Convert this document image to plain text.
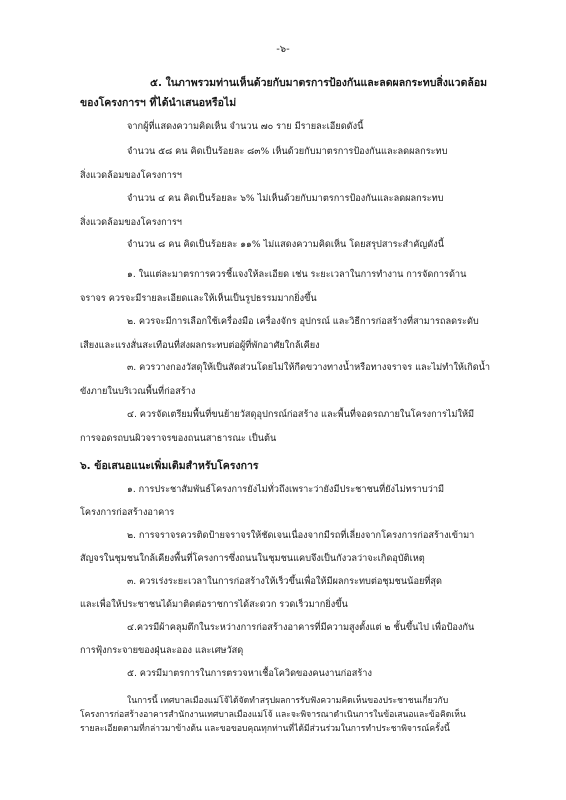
-๖-
๕. ในภาพรวมท่านเห็นด้วยกับมาตรการป้องกันและลดผลกระทบสิ่งแวดล้อม
ของโครงการฯ ที่ได้นำเสนอหรือไม่
จากผู้ที่แสดงความคิดเห็น จำนวน ๗๐ ราย มีรายละเอียดดังนี้
จำนวน ๕๘ คน คิดเป็นร้อยละ ๘๓% เห็นด้วยกับมาตรการป้องกันและลดผลกระทบ
สิ่งแวดล้อมของโครงการฯ
จำนวน ๔ คน คิดเป็นร้อยละ ๖% ไม่เห็นด้วยกับมาตรการป้องกันและลดผลกระทบ
สิ่งแวดล้อมของโครงการฯ
จำนวน ๘ คน คิดเป็นร้อยละ ๑๑% ไม่แสดงความคิดเห็น โดยสรุปสาระสำคัญดังนี้
๑. ในแต่ละมาตรการควรชี้แจงให้ละเอียด เช่น ระยะเวลาในการทำงาน การจัดการด้าน
จราจร ควรจะมีรายละเอียดและให้เห็นเป็นรูปธรรมมากยิ่งขึ้น
๒. ควรจะมีการเลือกใช้เครื่องมือ เครื่องจักร อุปกรณ์ และวิธีการก่อสร้างที่สามารถลดระดับ
เสียงและแรงสั่นสะเทือนที่ส่งผลกระทบต่อผู้ที่พักอาศัยใกล้เคียง
๓. ควรวางกองวัสดุให้เป็นสัดส่วนโดยไม่ให้กีดขวางทางน้ำหรือทางจราจร และไม่ทำให้เกิดน้ำ
ขังภายในบริเวณพื้นที่ก่อสร้าง
๔. ควรจัดเตรียมพื้นที่ขนย้ายวัสดุอุปกรณ์ก่อสร้าง และพื้นที่จอดรถภายในโครงการไม่ให้มี
การจอดรถบนผิวจราจรของถนนสาธารณะ เป็นต้น
๖. ข้อเสนอแนะเพิ่มเติมสำหรับโครงการ
๑. การประชาสัมพันธ์โครงการยังไม่ทั่วถึงเพราะว่ายังมีประชาชนที่ยังไม่ทราบว่ามี
โครงการก่อสร้างอาคาร
๒. การจราจรควรติดป้ายจราจรให้ชัดเจนเนื่องจากมีรถที่เลี่ยงจากโครงการก่อสร้างเข้ามา
สัญจรในชุมชนใกล้เคียงพื้นที่โครงการซึ่งถนนในชุมชนแคบจึงเป็นกังวลว่าจะเกิดอุบัติเหตุ
๓. ควรเร่งระยะเวลาในการก่อสร้างให้เร็วขึ้นเพื่อให้มีผลกระทบต่อชุมชนน้อยที่สุด
และเพื่อให้ประชาชนได้มาติดต่อราชการได้สะดวก รวดเร็วมากยิ่งขึ้น
๔.ควรมีผ้าคลุมตึกในระหว่างการก่อสร้างอาคารที่มีความสูงตั้งแต่ ๒ ชั้นขึ้นไป เพื่อป้องกัน
การฟุ้งกระจายของฝุ่นละออง และเศษวัสดุ
๕. ควรมีมาตรการในการตรวจหาเชื้อโควิดของคนงานก่อสร้าง
ในการนี้ เทศบาลเมืองแม่โจ้ได้จัดทำสรุปผลการรับฟังความคิดเห็นของประชาชนเกี่ยวกับ
โครงการก่อสร้างอาคารสำนักงานเทศบาลเมืองแม่โจ้ และจะพิจารณาดำเนินการในข้อเสนอและข้อคิดเห็น
รายละเอียดตามที่กล่าวมาข้างต้น และขอขอบคุณทุกท่านที่ได้มีส่วนร่วมในการทำประชาพิจารณ์ครั้งนี้
